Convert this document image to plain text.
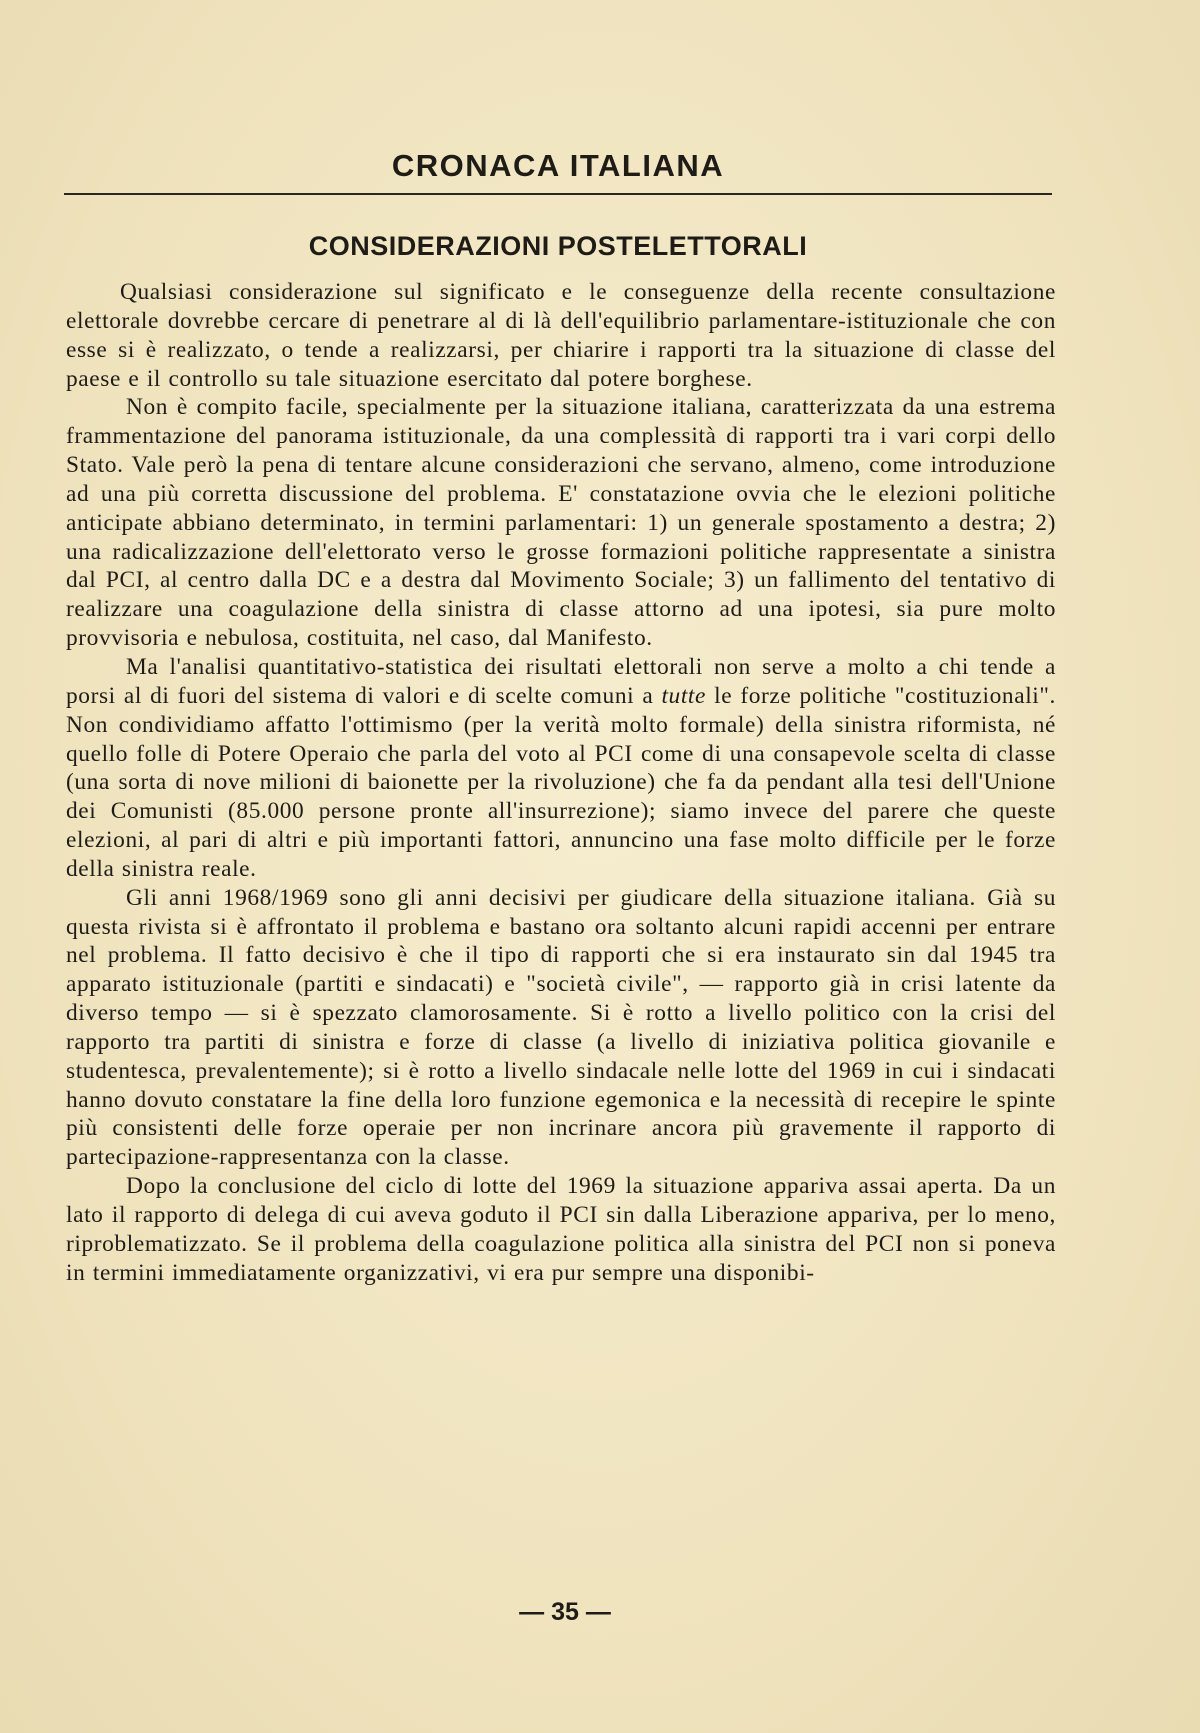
CRONACA ITALIANA
CONSIDERAZIONI POSTELETTORALI

Qualsiasi considerazione sul significato e le conseguenze della recente consultazione elettorale dovrebbe cercare di penetrare al di là dell'equilibrio parlamentare-istituzionale che con esse si è realizzato, o tende a realizzarsi, per chiarire i rapporti tra la situazione di classe del paese e il controllo su tale situazione esercitato dal potere borghese.

Non è compito facile, specialmente per la situazione italiana, caratterizzata da una estrema frammentazione del panorama istituzionale, da una complessità di rapporti tra i vari corpi dello Stato. Vale però la pena di tentare alcune considerazioni che servano, almeno, come introduzione ad una più corretta discussione del problema. E' constatazione ovvia che le elezioni politiche anticipate abbiano determinato, in termini parlamentari: 1) un generale spostamento a destra; 2) una radicalizzazione dell'elettorato verso le grosse formazioni politiche rappresentate a sinistra dal PCI, al centro dalla DC e a destra dal Movimento Sociale; 3) un fallimento del tentativo di realizzare una coagulazione della sinistra di classe attorno ad una ipotesi, sia pure molto provvisoria e nebulosa, costituita, nel caso, dal Manifesto.

Ma l'analisi quantitativo-statistica dei risultati elettorali non serve a molto a chi tende a porsi al di fuori del sistema di valori e di scelte comuni a tutte le forze politiche "costituzionali". Non condividiamo affatto l'ottimismo (per la verità molto formale) della sinistra riformista, né quello folle di Potere Operaio che parla del voto al PCI come di una consapevole scelta di classe (una sorta di nove milioni di baionette per la rivoluzione) che fa da pendant alla tesi dell'Unione dei Comunisti (85.000 persone pronte all'insurrezione); siamo invece del parere che queste elezioni, al pari di altri e più importanti fattori, annuncino una fase molto difficile per le forze della sinistra reale.

Gli anni 1968/1969 sono gli anni decisivi per giudicare della situazione italiana. Già su questa rivista si è affrontato il problema e bastano ora soltanto alcuni rapidi accenni per entrare nel problema. Il fatto decisivo è che il tipo di rapporti che si era instaurato sin dal 1945 tra apparato istituzionale (partiti e sindacati) e "società civile", — rapporto già in crisi latente da diverso tempo — si è spezzato clamorosamente. Si è rotto a livello politico con la crisi del rapporto tra partiti di sinistra e forze di classe (a livello di iniziativa politica giovanile e studentesca, prevalentemente); si è rotto a livello sindacale nelle lotte del 1969 in cui i sindacati hanno dovuto constatare la fine della loro funzione egemonica e la necessità di recepire le spinte più consistenti delle forze operaie per non incrinare ancora più gravemente il rapporto di partecipazione-rappresentanza con la classe.

Dopo la conclusione del ciclo di lotte del 1969 la situazione appariva assai aperta. Da un lato il rapporto di delega di cui aveva goduto il PCI sin dalla Liberazione appariva, per lo meno, riproblematizzato. Se il problema della coagulazione politica alla sinistra del PCI non si poneva in termini immediatamente organizzativi, vi era pur sempre una disponibi-

— 35 —
